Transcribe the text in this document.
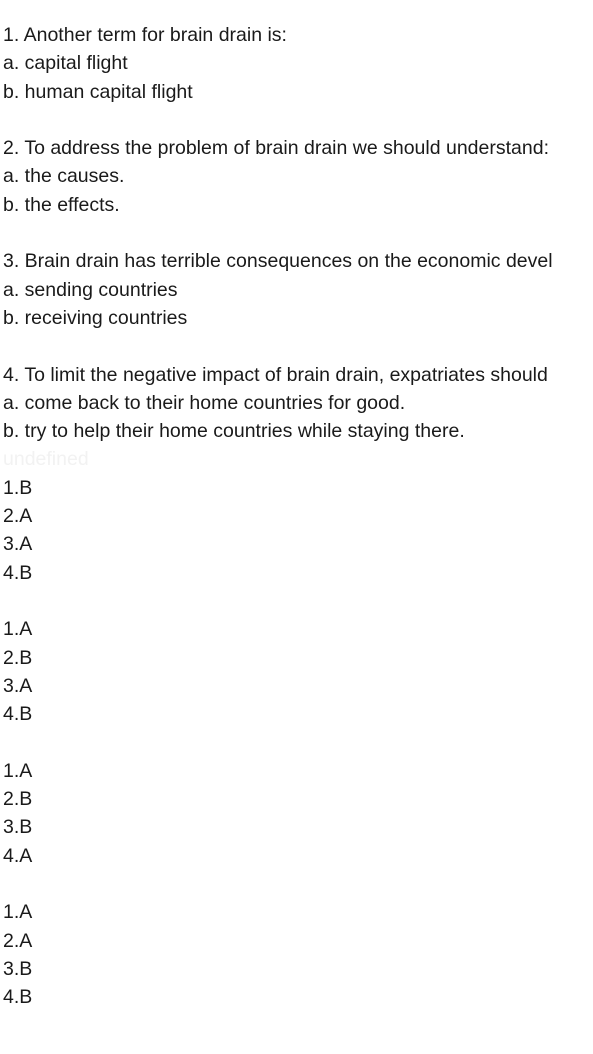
1. Another term for brain drain is:
a. capital flight
b. human capital flight
2. To address the problem of brain drain we should understand:
a. the causes.
b. the effects.
3. Brain drain has terrible consequences on the economic devel
a. sending countries
b. receiving countries
4. To limit the negative impact of brain drain, expatriates should
a. come back to their home countries for good.
b. try to help their home countries while staying there.
undefined
1.B
2.A
3.A
4.B
1.A
2.B
3.A
4.B
1.A
2.B
3.B
4.A
1.A
2.A
3.B
4.B
